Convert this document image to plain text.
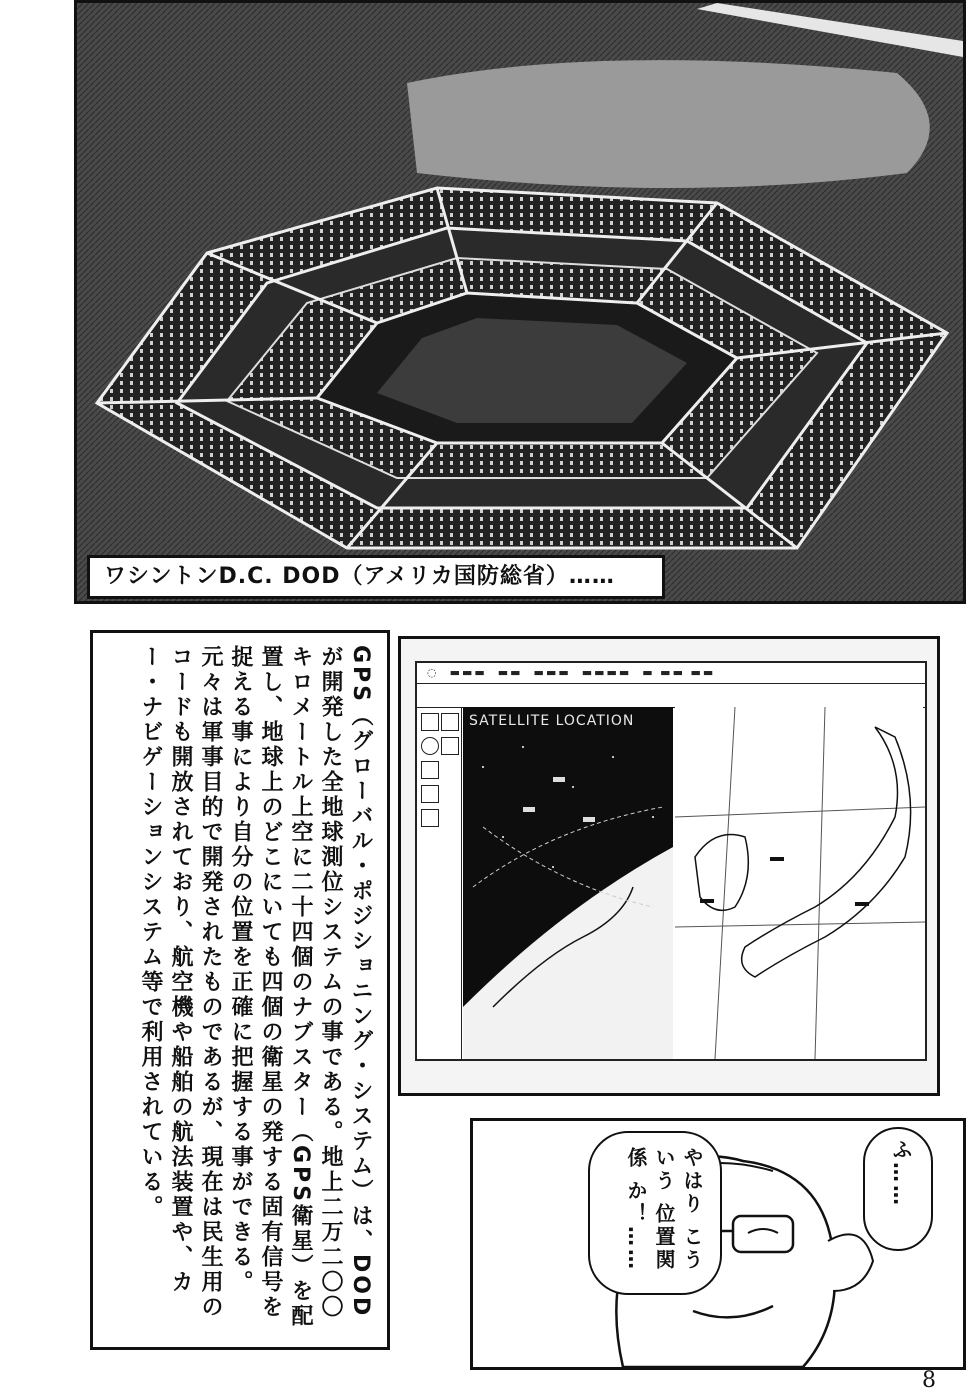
ワシントンD.C. DOD（アメリカ国防総省）……
GPS（グローバル・ポジショニング・システム）は、DODが開発した全地球測位システムの事である。地上二万二〇〇キロメートル上空に二十四個のナブスター（GPS衛星）を配置し、地球上のどこにいても四個の衛星の発する固有信号を捉える事により自分の位置を正確に把握する事ができる。元々は軍事目的で開発されたものであるが、現在は民生用のコードも開放されており、航空機や船舶の航法装置や、カー・ナビゲーションシステム等で利用されている。	◌  ▬▬▬  ▬▬  ▬▬▬  ▬▬▬▬  ▬ ▬▬ ▬▬
SATELLITE LOCATION
やはり こういう 位置関係 か！……	ふ……
8
